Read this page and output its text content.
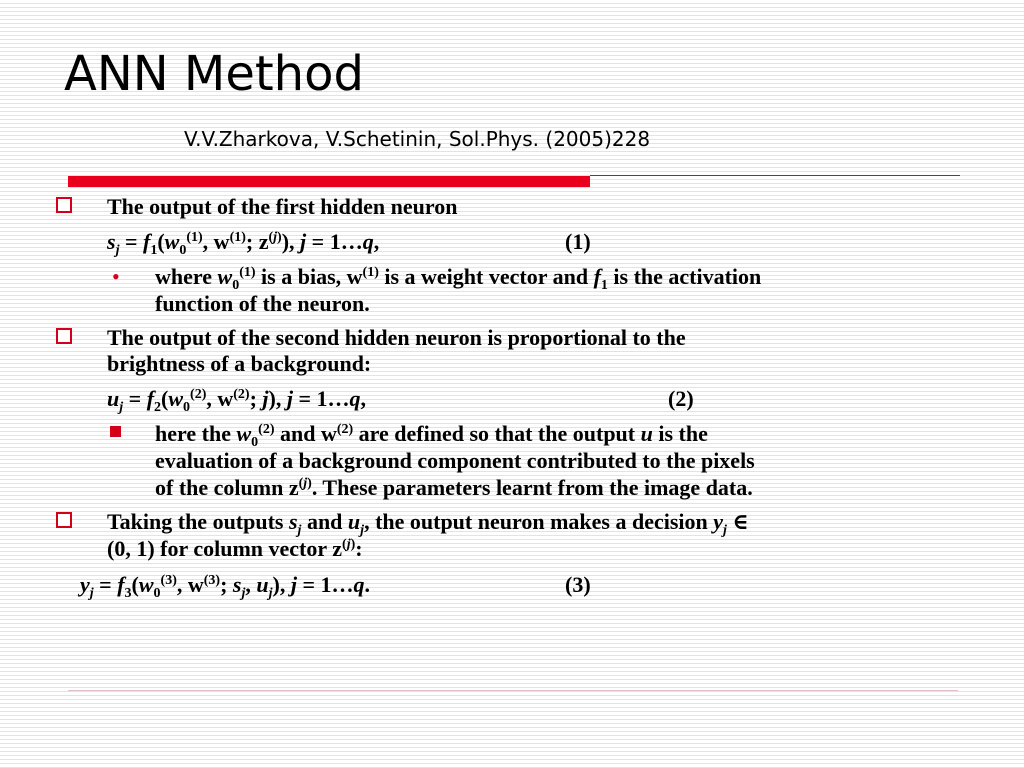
ANN Method
V.V.Zharkova, V.Schetinin, Sol.Phys. (2005)228
The output of the first hidden neuron
$s_j = f_1(w_0^{(1)}$, $w^{(1)}$; $z^{(j)}$), j = 1…q,	(1)
• where $w_0^{(1)}$ is a bias, $w^{(1)}$ is a weight vector and $f_1$ is the activation
function of the neuron.
The output of the second hidden neuron is proportional to the
brightness of a background:
$u_j = f_2(w_0^{(2)}$, $w^{(2)}$; j), j = 1…q,	(2)
here the $w_0^{(2)}$ and $w^{(2)}$ are defined so that the output u is the
evaluation of a background component contributed to the pixels
of the column $z^{(j)}$. These parameters learnt from the image data.
Taking the outputs $s_j$ and $u_j$, the output neuron makes a decision $y_j$ ∈
(0, 1) for column vector $z^{(j)}$:
$y_j = f_3(w_0^{(3)}$, $w^{(3)}$; $s_j$, $u_j$), j = 1…q.	(3)
